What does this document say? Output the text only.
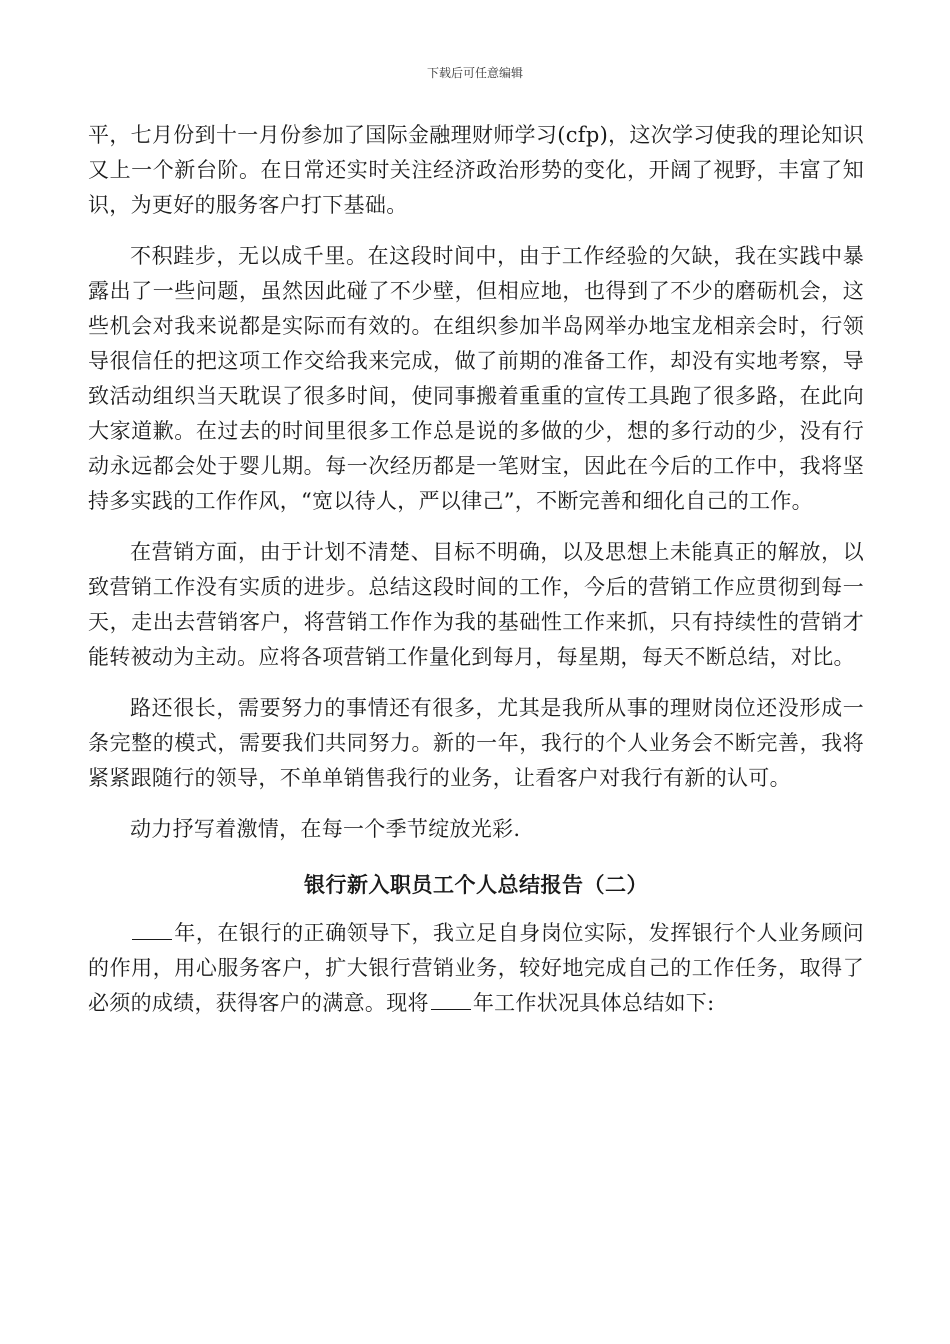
下载后可任意编辑

平，七月份到十一月份参加了国际金融理财师学习(cfp)，这次学习使我的理论知识又上一个新台阶。在日常还实时关注经济政治形势的变化，开阔了视野，丰富了知识，为更好的服务客户打下基础。

不积跬步，无以成千里。在这段时间中，由于工作经验的欠缺，我在实践中暴露出了一些问题，虽然因此碰了不少壁，但相应地，也得到了不少的磨砺机会，这些机会对我来说都是实际而有效的。在组织参加半岛网举办地宝龙相亲会时，行领导很信任的把这项工作交给我来完成，做了前期的准备工作，却没有实地考察，导致活动组织当天耽误了很多时间，使同事搬着重重的宣传工具跑了很多路，在此向大家道歉。在过去的时间里很多工作总是说的多做的少，想的多行动的少，没有行动永远都会处于婴儿期。每一次经历都是一笔财宝，因此在今后的工作中，我将坚持多实践的工作作风，“宽以待人，严以律己”，不断完善和细化自己的工作。

在营销方面，由于计划不清楚、目标不明确，以及思想上未能真正的解放，以致营销工作没有实质的进步。总结这段时间的工作，今后的营销工作应贯彻到每一天，走出去营销客户，将营销工作作为我的基础性工作来抓，只有持续性的营销才能转被动为主动。应将各项营销工作量化到每月，每星期，每天不断总结，对比。

路还很长，需要努力的事情还有很多，尤其是我所从事的理财岗位还没形成一条完整的模式，需要我们共同努力。新的一年，我行的个人业务会不断完善，我将紧紧跟随行的领导，不单单销售我行的业务，让看客户对我行有新的认可。

动力抒写着激情，在每一个季节绽放光彩.

银行新入职员工个人总结报告（二）

年，在银行的正确领导下，我立足自身岗位实际，发挥银行个人业务顾问的作用，用心服务客户，扩大银行营销业务，较好地完成自己的工作任务，取得了必须的成绩，获得客户的满意。现将 年工作状况具体总结如下:
